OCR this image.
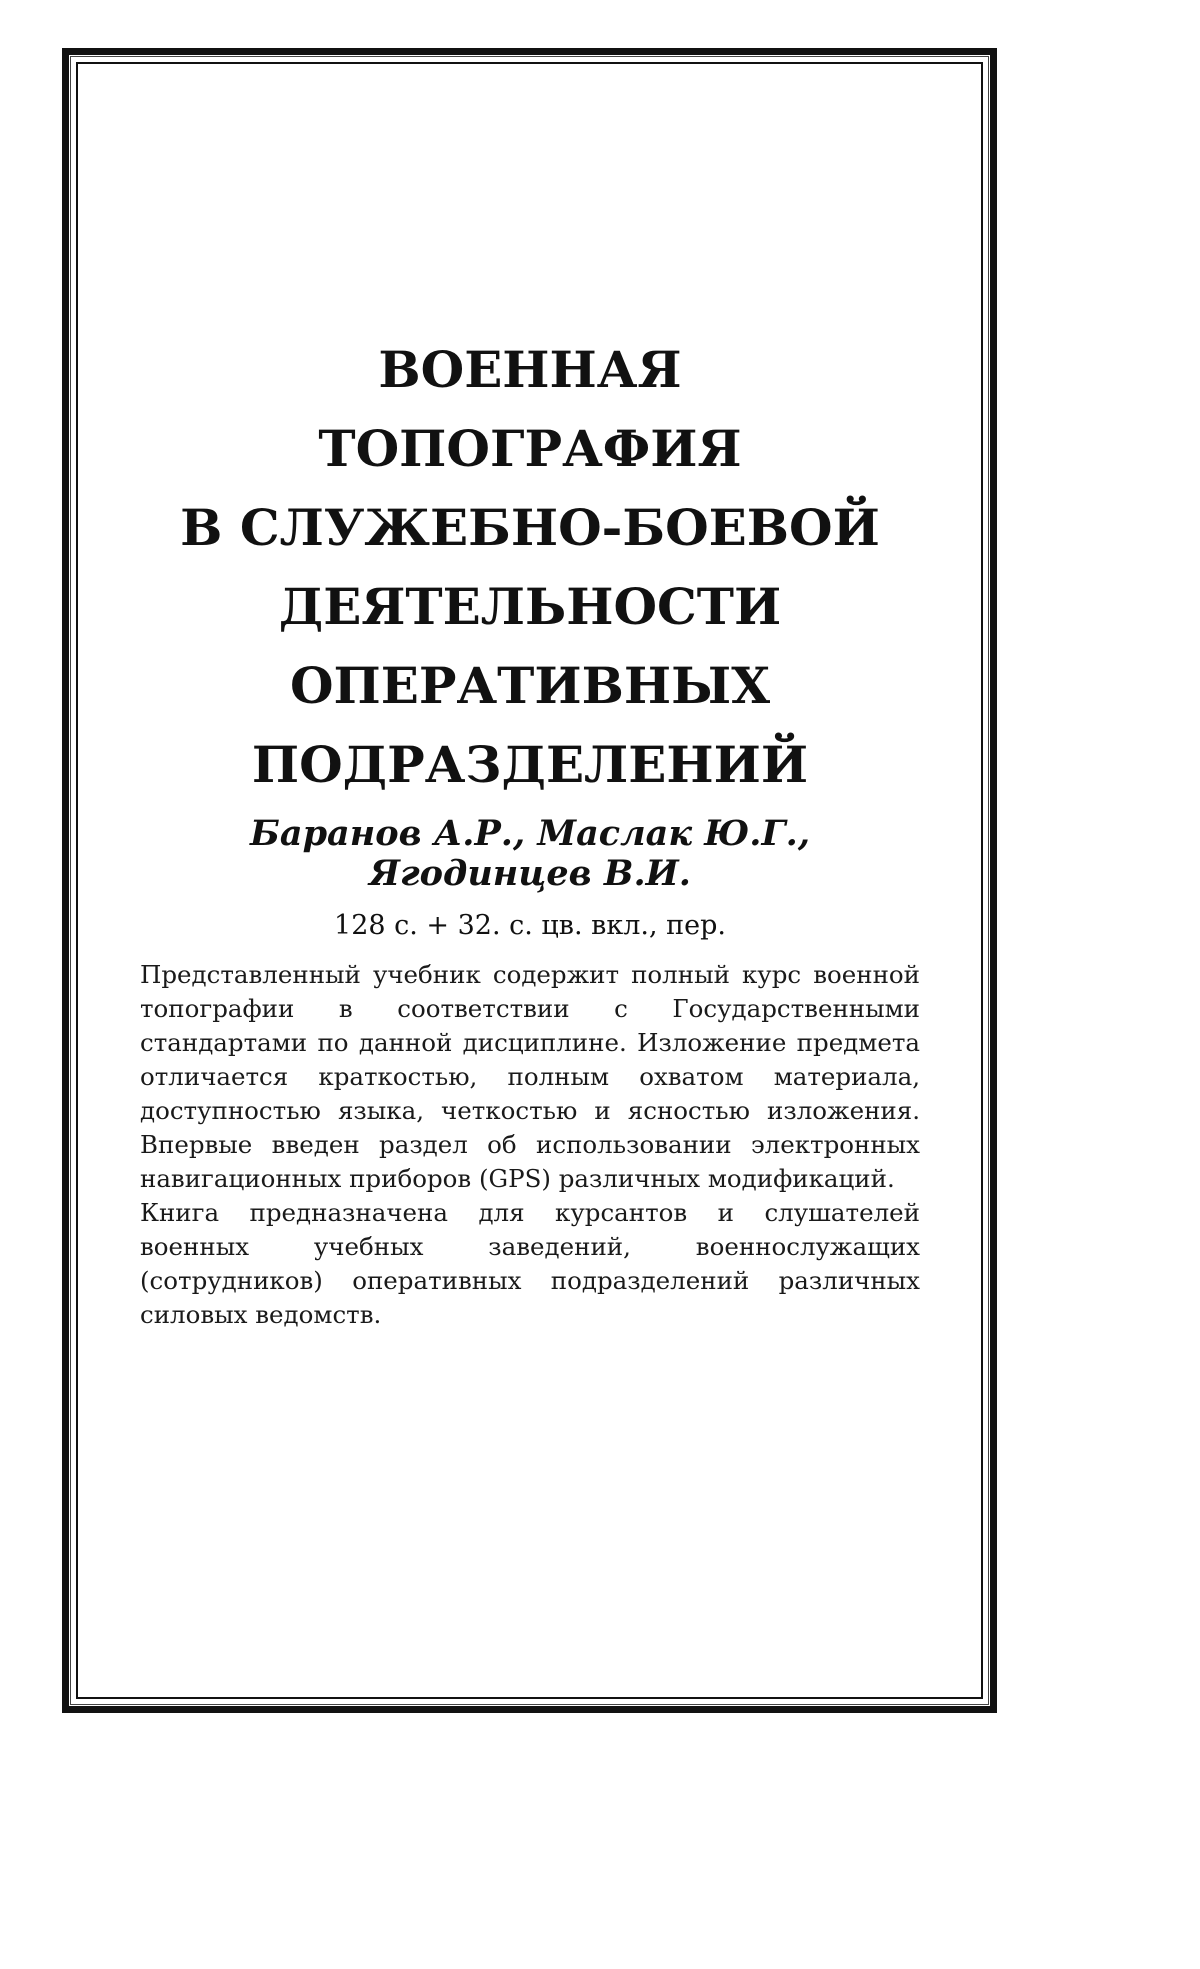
ВОЕННАЯ
ТОПОГРАФИЯ
В СЛУЖЕБНО-БОЕВОЙ
ДЕЯТЕЛЬНОСТИ
ОПЕРАТИВНЫХ
ПОДРАЗДЕЛЕНИЙ
Баранов А.Р., Маслак Ю.Г.,
Ягодинцев В.И.
128 с. + 32. с. цв. вкл., пер.

Представленный учебник содержит полный курс военной топографии в соответствии с Государственными стандартами по данной дисциплине. Изложение предмета отличается краткостью, полным охватом материала, доступностью языка, четкостью и ясностью изложения. Впервые введен раздел об использовании электронных навигационных приборов (GPS) различных модификаций.

Книга предназначена для курсантов и слушателей военных учебных заведений, военнослужащих (сотрудников) оперативных подразделений различных силовых ведомств.
